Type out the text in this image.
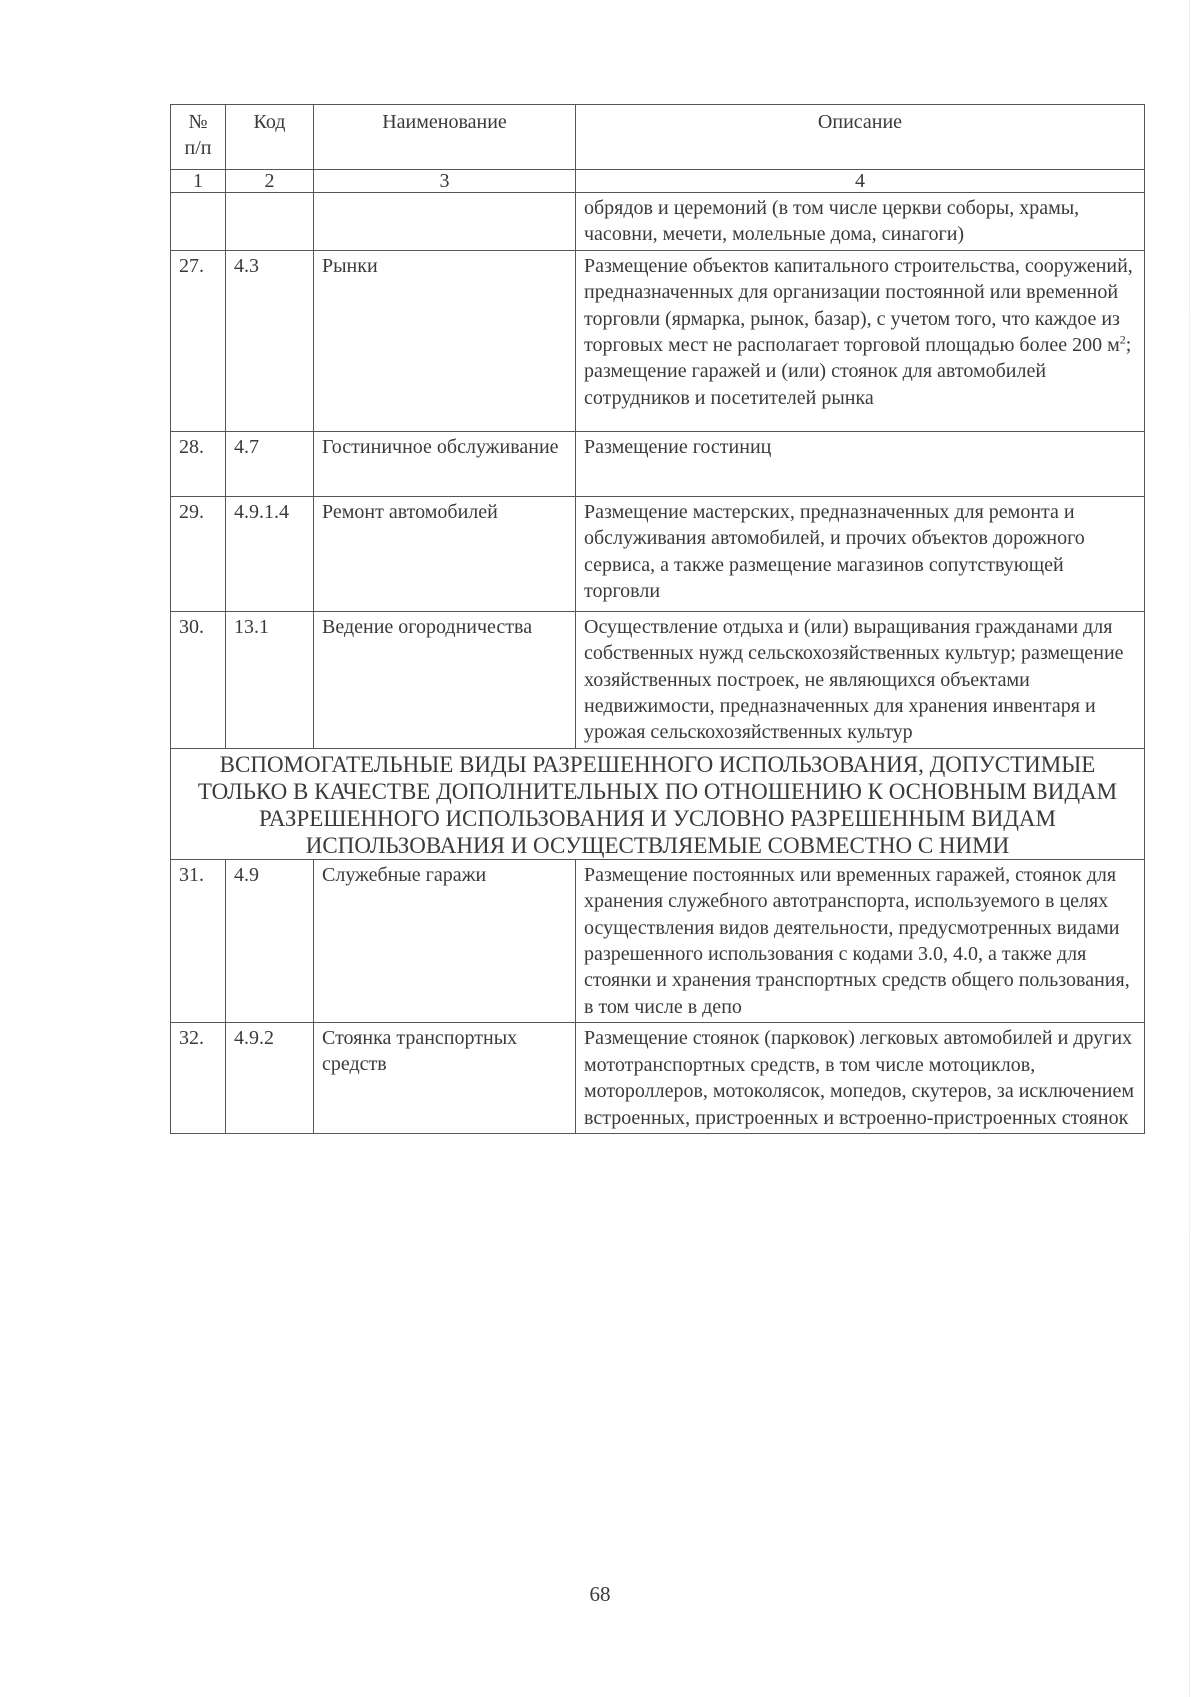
№ п/п	Код	Наименование	Описание
1	2	3	4
			обрядов и церемоний (в том числе церкви соборы, храмы, часовни, мечети, молельные дома, синагоги)
27.	4.3	Рынки	Размещение объектов капитального строительства, сооружений, предназначенных для организации постоянной или временной торговли (ярмарка, рынок, базар), с учетом того, что каждое из торговых мест не располагает торговой площадью более 200 $м^2$; размещение гаражей и (или) стоянок для автомобилей сотрудников и посетителей рынка
28.	4.7	Гостиничное обслуживание	Размещение гостиниц
29.	4.9.1.4	Ремонт автомобилей	Размещение мастерских, предназначенных для ремонта и обслуживания автомобилей, и прочих объектов дорожного сервиса, а также размещение магазинов сопутствующей торговли
30.	13.1	Ведение огородничества	Осуществление отдыха и (или) выращивания гражданами для собственных нужд сельскохозяйственных культур; размещение хозяйственных построек, не являющихся объектами недвижимости, предназначенных для хранения инвентаря и урожая сельскохозяйственных культур
ВСПОМОГАТЕЛЬНЫЕ ВИДЫ РАЗРЕШЕННОГО ИСПОЛЬЗОВАНИЯ, ДОПУСТИМЫЕ ТОЛЬКО В КАЧЕСТВЕ ДОПОЛНИТЕЛЬНЫХ ПО ОТНОШЕНИЮ К ОСНОВНЫМ ВИДАМ РАЗРЕШЕННОГО ИСПОЛЬЗОВАНИЯ И УСЛОВНО РАЗРЕШЕННЫМ ВИДАМ ИСПОЛЬЗОВАНИЯ И ОСУЩЕСТВЛЯЕМЫЕ СОВМЕСТНО С НИМИ			
31.	4.9	Служебные гаражи	Размещение постоянных или временных гаражей, стоянок для хранения служебного автотранспорта, используемого в целях осуществления видов деятельности, предусмотренных видами разрешенного использования с кодами 3.0, 4.0, а также для стоянки и хранения транспортных средств общего пользования, в том числе в депо
32.	4.9.2	Стоянка транспортных средств	Размещение стоянок (парковок) легковых автомобилей и других мототранспортных средств, в том числе мотоциклов, мотороллеров, мотоколясок, мопедов, скутеров, за исключением встроенных, пристроенных и встроенно-пристроенных стоянок
68
